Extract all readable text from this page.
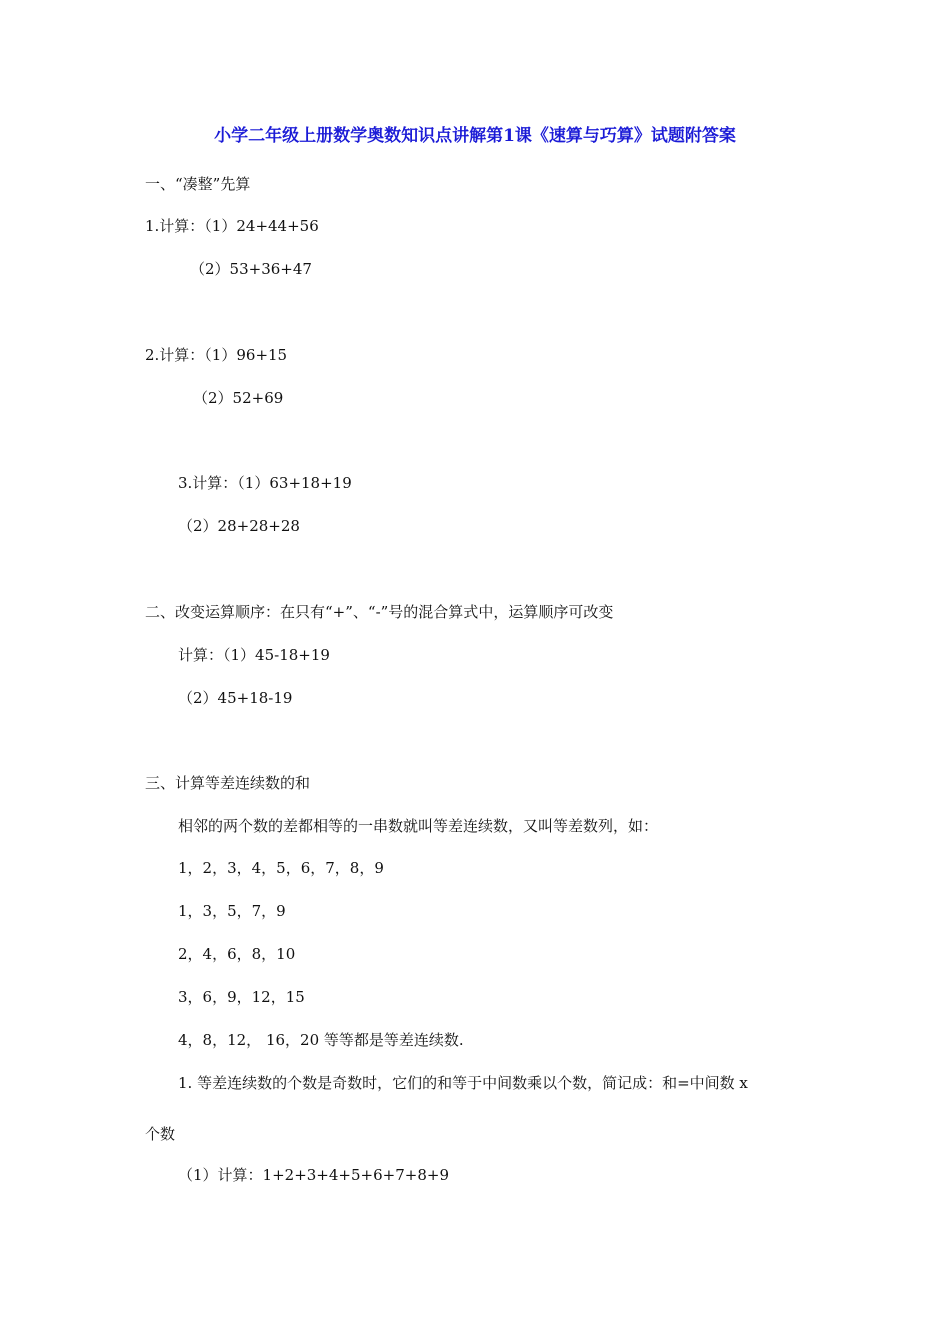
小学二年级上册数学奥数知识点讲解第1课《速算与巧算》试题附答案
一、“凑整”先算
1.计算：（1）24+44+56
（2）53+36+47
2.计算：（1）96+15
（2）52+69
3.计算：（1）63+18+19
（2）28+28+28
二、改变运算顺序：在只有“+”、“-”号的混合算式中，运算顺序可改变
计算：（1）45-18+19
（2）45+18-19
三、计算等差连续数的和
相邻的两个数的差都相等的一串数就叫等差连续数，又叫等差数列，如：
1，2，3，4，5，6，7，8，9
1，3，5，7，9
2，4，6，8，10
3，6，9，12，15
4，8，12， 16，20 等等都是等差连续数.
1. 等差连续数的个数是奇数时，它们的和等于中间数乘以个数，简记成：和=中间数 x
个数
（1）计算：1+2+3+4+5+6+7+8+9
